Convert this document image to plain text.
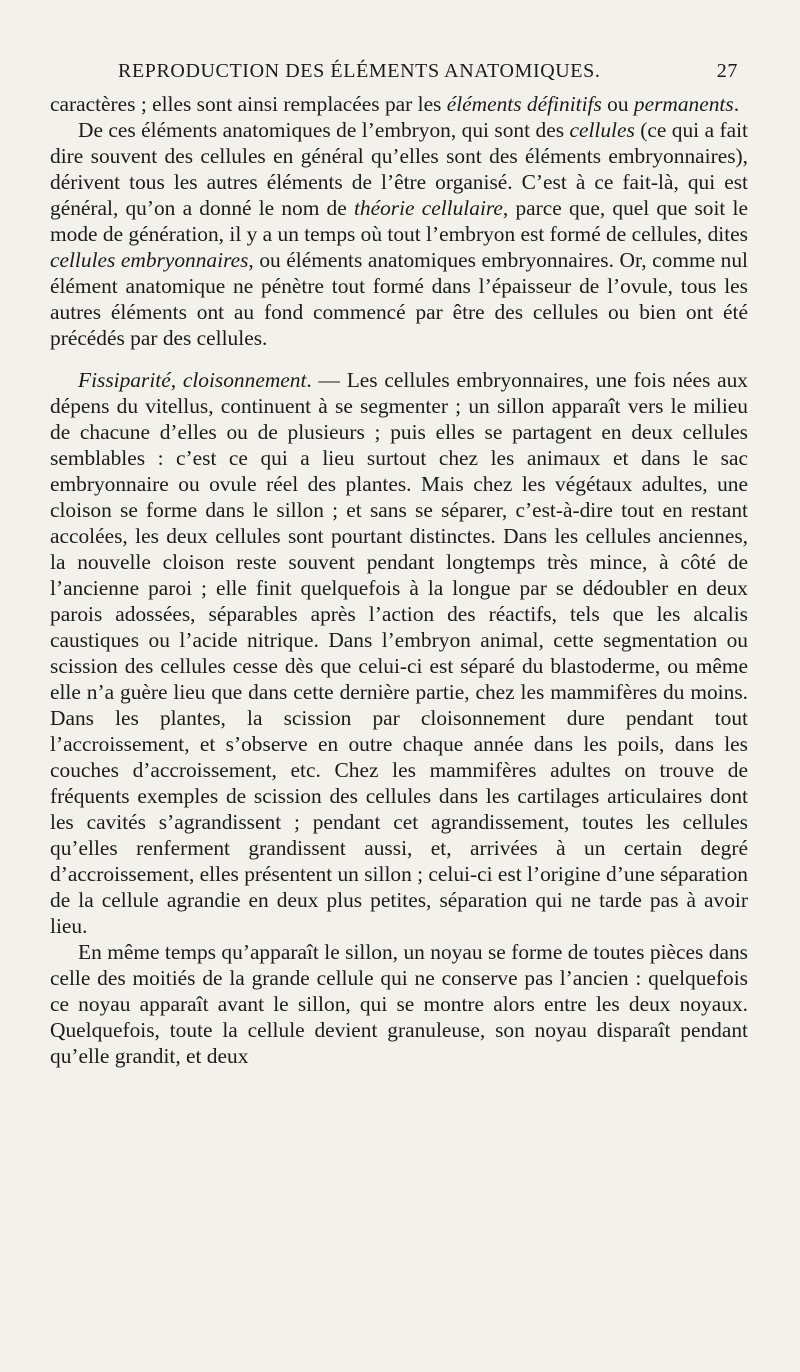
REPRODUCTION DES ÉLÉMENTS ANATOMIQUES.	27

caractères ; elles sont ainsi remplacées par les éléments définitifs ou permanents.

De ces éléments anatomiques de l’embryon, qui sont des cellules (ce qui a fait dire souvent des cellules en général qu’elles sont des éléments embryonnaires), dérivent tous les autres éléments de l’être organisé. C’est à ce fait-là, qui est général, qu’on a donné le nom de théorie cellulaire, parce que, quel que soit le mode de génération, il y a un temps où tout l’embryon est formé de cellules, dites cellules embryonnaires, ou éléments anatomiques embryonnaires. Or, comme nul élément anatomique ne pénètre tout formé dans l’épaisseur de l’ovule, tous les autres éléments ont au fond commencé par être des cellules ou bien ont été précédés par des cellules.

Fissiparité, cloisonnement. — Les cellules embryonnaires, une fois nées aux dépens du vitellus, continuent à se segmenter ; un sillon apparaît vers le milieu de chacune d’elles ou de plusieurs ; puis elles se partagent en deux cellules semblables : c’est ce qui a lieu surtout chez les animaux et dans le sac embryonnaire ou ovule réel des plantes. Mais chez les végétaux adultes, une cloison se forme dans le sillon ; et sans se séparer, c’est-à-dire tout en restant accolées, les deux cellules sont pourtant distinctes. Dans les cellules anciennes, la nouvelle cloison reste souvent pendant longtemps très mince, à côté de l’ancienne paroi ; elle finit quelquefois à la longue par se dédoubler en deux parois adossées, séparables après l’action des réactifs, tels que les alcalis caustiques ou l’acide nitrique. Dans l’embryon animal, cette segmentation ou scission des cellules cesse dès que celui-ci est séparé du blastoderme, ou même elle n’a guère lieu que dans cette dernière partie, chez les mammifères du moins. Dans les plantes, la scission par cloisonnement dure pendant tout l’accroissement, et s’observe en outre chaque année dans les poils, dans les couches d’accroissement, etc. Chez les mammifères adultes on trouve de fréquents exemples de scission des cellules dans les cartilages articulaires dont les cavités s’agrandissent ; pendant cet agrandissement, toutes les cellules qu’elles renferment grandissent aussi, et, arrivées à un certain degré d’accroissement, elles présentent un sillon ; celui-ci est l’origine d’une séparation de la cellule agrandie en deux plus petites, séparation qui ne tarde pas à avoir lieu.

En même temps qu’apparaît le sillon, un noyau se forme de toutes pièces dans celle des moitiés de la grande cellule qui ne conserve pas l’ancien : quelquefois ce noyau apparaît avant le sillon, qui se montre alors entre les deux noyaux. Quelquefois, toute la cellule devient granuleuse, son noyau disparaît pendant qu’elle grandit, et deux
